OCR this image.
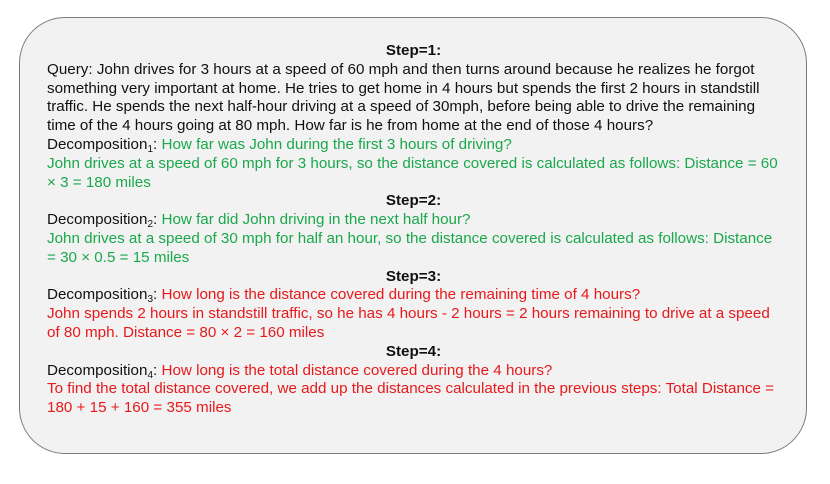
Step=1:
Query: John drives for 3 hours at a speed of 60 mph and then turns around because he realizes he forgot something very important at home. He tries to get home in 4 hours but spends the first 2 hours in standstill traffic. He spends the next half-hour driving at a speed of 30mph, before being able to drive the remaining time of the 4 hours going at 80 mph. How far is he from home at the end of those 4 hours?
Decomposition$_1$: How far was John during the first 3 hours of driving?
John drives at a speed of 60 mph for 3 hours, so the distance covered is calculated as follows: Distance = 60 × 3 = 180 miles
Step=2:
Decomposition$_2$: How far did John driving in the next half hour?
John drives at a speed of 30 mph for half an hour, so the distance covered is calculated as follows: Distance = 30 × 0.5 = 15 miles
Step=3:
Decomposition$_3$: How long is the distance covered during the remaining time of 4 hours?
John spends 2 hours in standstill traffic, so he has 4 hours - 2 hours = 2 hours remaining to drive at a speed of 80 mph. Distance = 80 × 2 = 160 miles
Step=4:
Decomposition$_4$: How long is the total distance covered during the 4 hours?
To find the total distance covered, we add up the distances calculated in the previous steps: Total Distance = 180 + 15 + 160 = 355 miles
